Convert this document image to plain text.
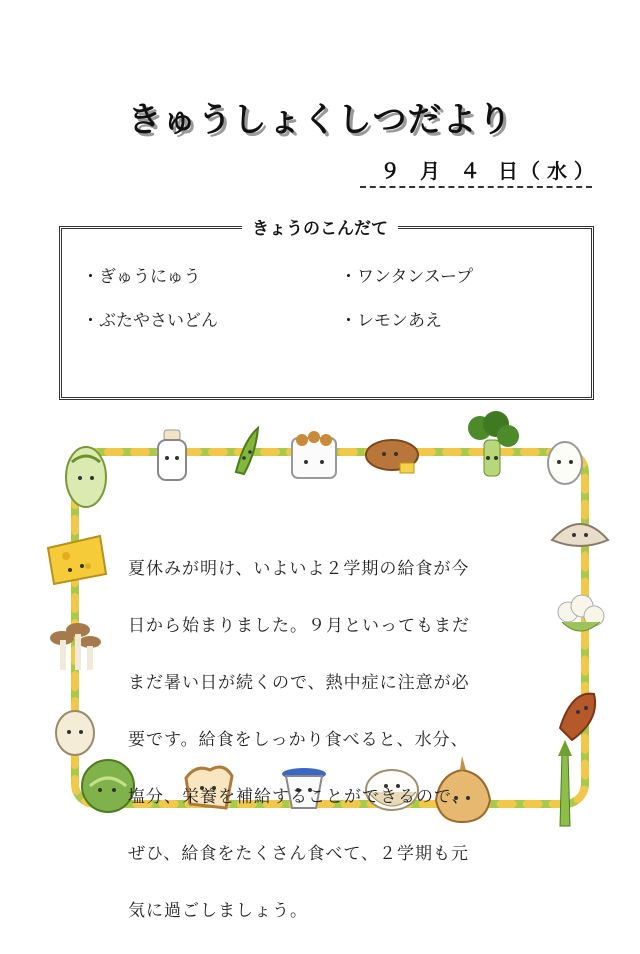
きゅうしょくしつだより
９ 月 ４ 日 （ 水 ）
きょうのこんだて
・ぎゅうにゅう	・ワンタンスープ
・ぶたやさいどん	・レモンあえ

夏休みが明け、いよいよ２学期の給食が今

日から始まりました。９月といってもまだ

まだ暑い日が続くので、熱中症に注意が必

要です。給食をしっかり食べると、水分、

塩分、栄養を補給することができるので、

ぜひ、給食をたくさん食べて、２学期も元

気に過ごしましょう。
